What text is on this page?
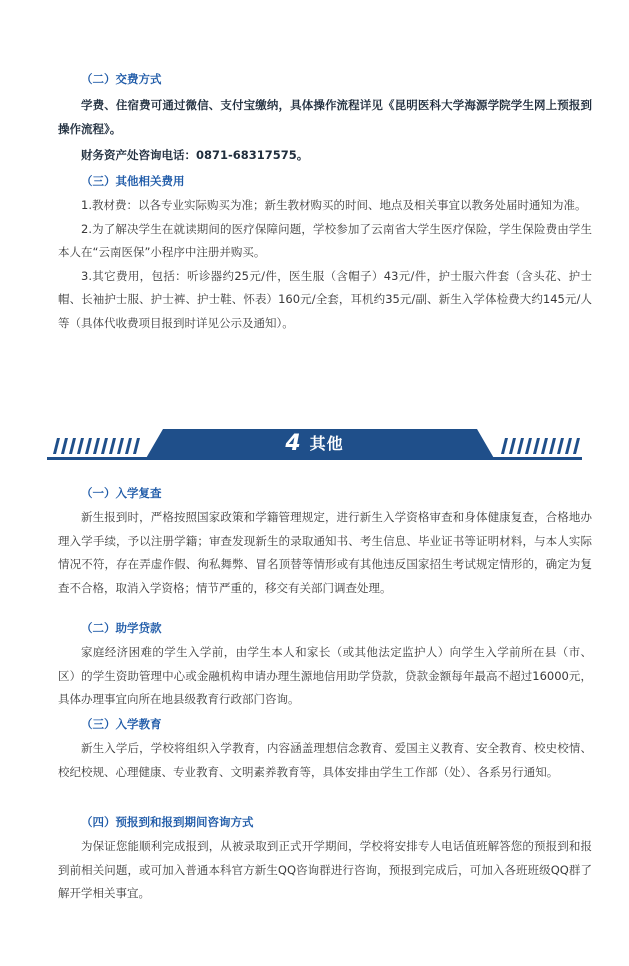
（二）交费方式

学费、住宿费可通过微信、支付宝缴纳，具体操作流程详见《昆明医科大学海源学院学生网上预报到操作流程》。

财务资产处咨询电话：0871-68317575。

（三）其他相关费用

1.教材费：以各专业实际购买为准；新生教材购买的时间、地点及相关事宜以教务处届时通知为准。

2.为了解决学生在就读期间的医疗保障问题，学校参加了云南省大学生医疗保险，学生保险费由学生本人在“云南医保”小程序中注册并购买。

3.其它费用，包括：听诊器约25元/件，医生服（含帽子）43元/件，护士服六件套（含头花、护士帽、长袖护士服、护士裤、护士鞋、怀表）160元/全套，耳机约35元/副、新生入学体检费大约145元/人等（具体代收费项目报到时详见公示及通知）。

4 其他

（一）入学复查

新生报到时，严格按照国家政策和学籍管理规定，进行新生入学资格审查和身体健康复查，合格地办理入学手续，予以注册学籍；审查发现新生的录取通知书、考生信息、毕业证书等证明材料，与本人实际情况不符，存在弄虚作假、徇私舞弊、冒名顶替等情形或有其他违反国家招生考试规定情形的，确定为复查不合格，取消入学资格；情节严重的，移交有关部门调查处理。

（二）助学贷款

家庭经济困难的学生入学前，由学生本人和家长（或其他法定监护人）向学生入学前所在县（市、区）的学生资助管理中心或金融机构申请办理生源地信用助学贷款，贷款金额每年最高不超过16000元，具体办理事宜向所在地县级教育行政部门咨询。

（三）入学教育

新生入学后，学校将组织入学教育，内容涵盖理想信念教育、爱国主义教育、安全教育、校史校情、校纪校规、心理健康、专业教育、文明素养教育等，具体安排由学生工作部（处）、各系另行通知。

（四）预报到和报到期间咨询方式

为保证您能顺利完成报到，从被录取到正式开学期间，学校将安排专人电话值班解答您的预报到和报到前相关问题，或可加入普通本科官方新生QQ咨询群进行咨询，预报到完成后，可加入各班班级QQ群了解开学相关事宜。
